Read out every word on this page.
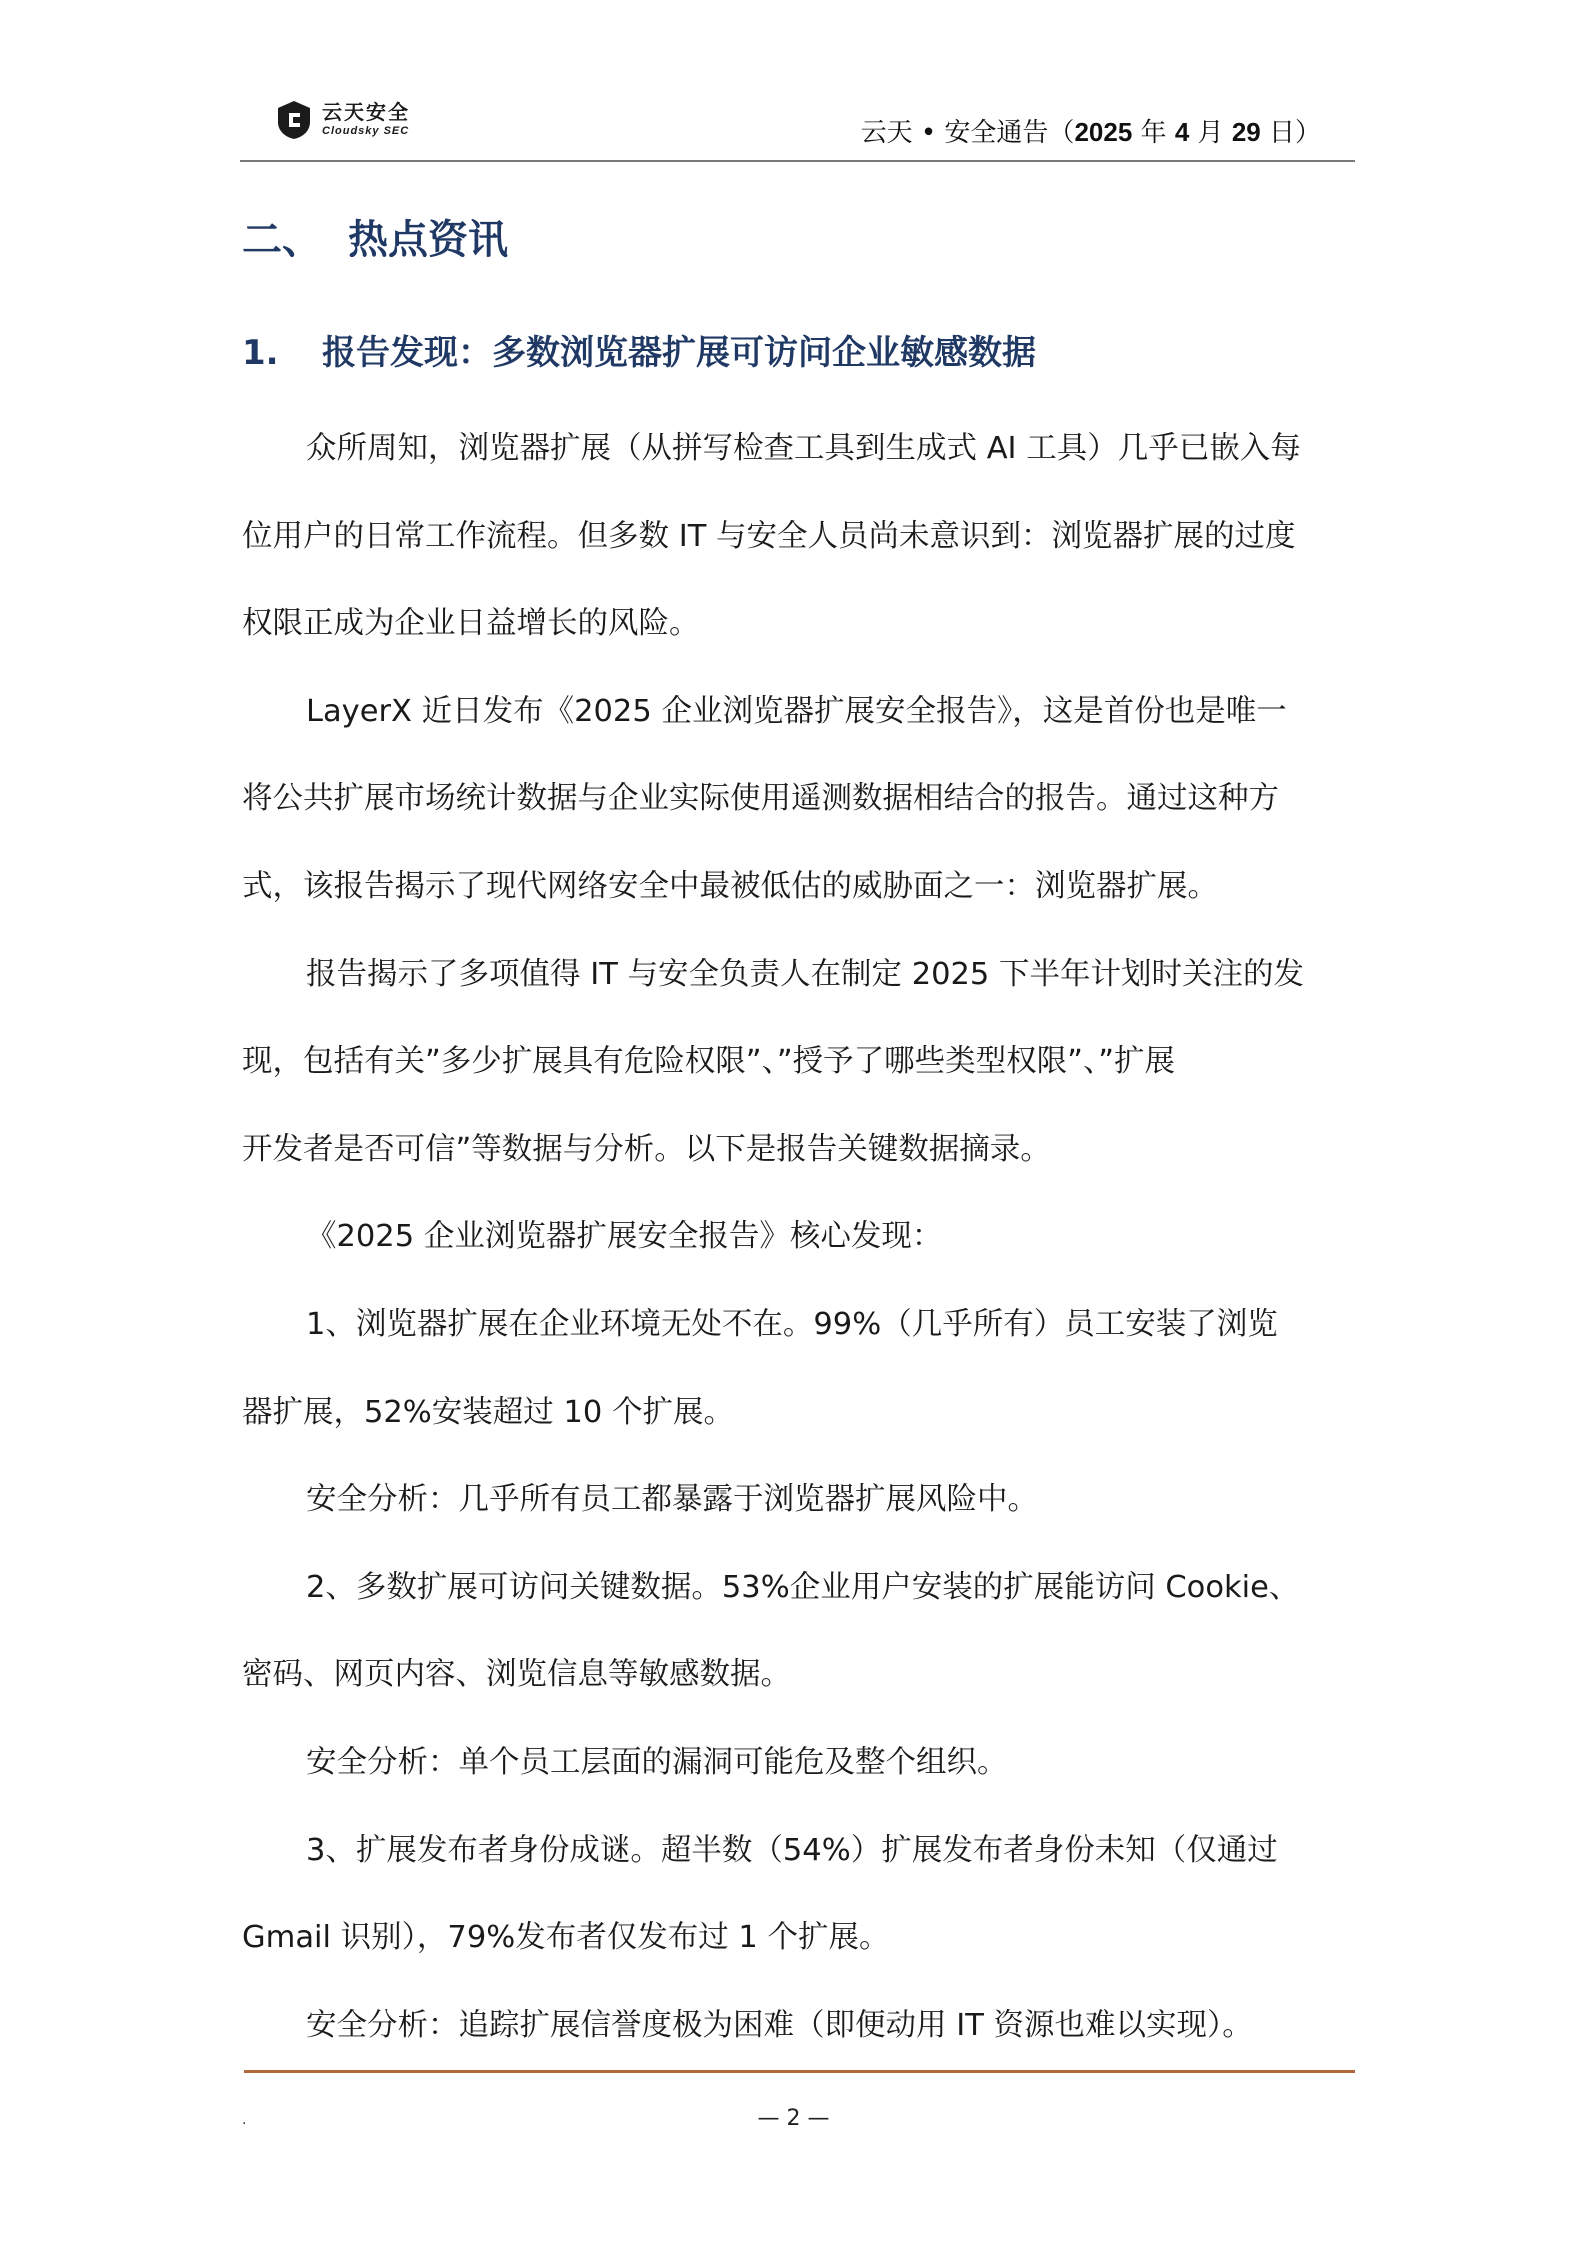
云天安全
Cloudsky SEC	云天 • 安全通告（2025 年 4 月 29 日）
二、 热点资讯
1. 报告发现：多数浏览器扩展可访问企业敏感数据

众所周知，浏览器扩展（从拼写检查工具到生成式 AI 工具）几乎已嵌入每

位用户的日常工作流程。但多数 IT 与安全人员尚未意识到：浏览器扩展的过度

权限正成为企业日益增长的风险。

LayerX 近日发布《2025 企业浏览器扩展安全报告》，这是首份也是唯一

将公共扩展市场统计数据与企业实际使用遥测数据相结合的报告。通过这种方

式，该报告揭示了现代网络安全中最被低估的威胁面之一：浏览器扩展。

报告揭示了多项值得 IT 与安全负责人在制定 2025 下半年计划时关注的发

现，包括有关”多少扩展具有危险权限”、”授予了哪些类型权限”、”扩展

开发者是否可信”等数据与分析。以下是报告关键数据摘录。

《2025 企业浏览器扩展安全报告》核心发现：

1、浏览器扩展在企业环境无处不在。99%（几乎所有）员工安装了浏览

器扩展，52%安装超过 10 个扩展。

安全分析：几乎所有员工都暴露于浏览器扩展风险中。

2、多数扩展可访问关键数据。53%企业用户安装的扩展能访问 Cookie、

密码、网页内容、浏览信息等敏感数据。

安全分析：单个员工层面的漏洞可能危及整个组织。

3、扩展发布者身份成谜。超半数（54%）扩展发布者身份未知（仅通过

Gmail 识别），79%发布者仅发布过 1 个扩展。

安全分析：追踪扩展信誉度极为困难（即便动用 IT 资源也难以实现）。

.	— 2 —
